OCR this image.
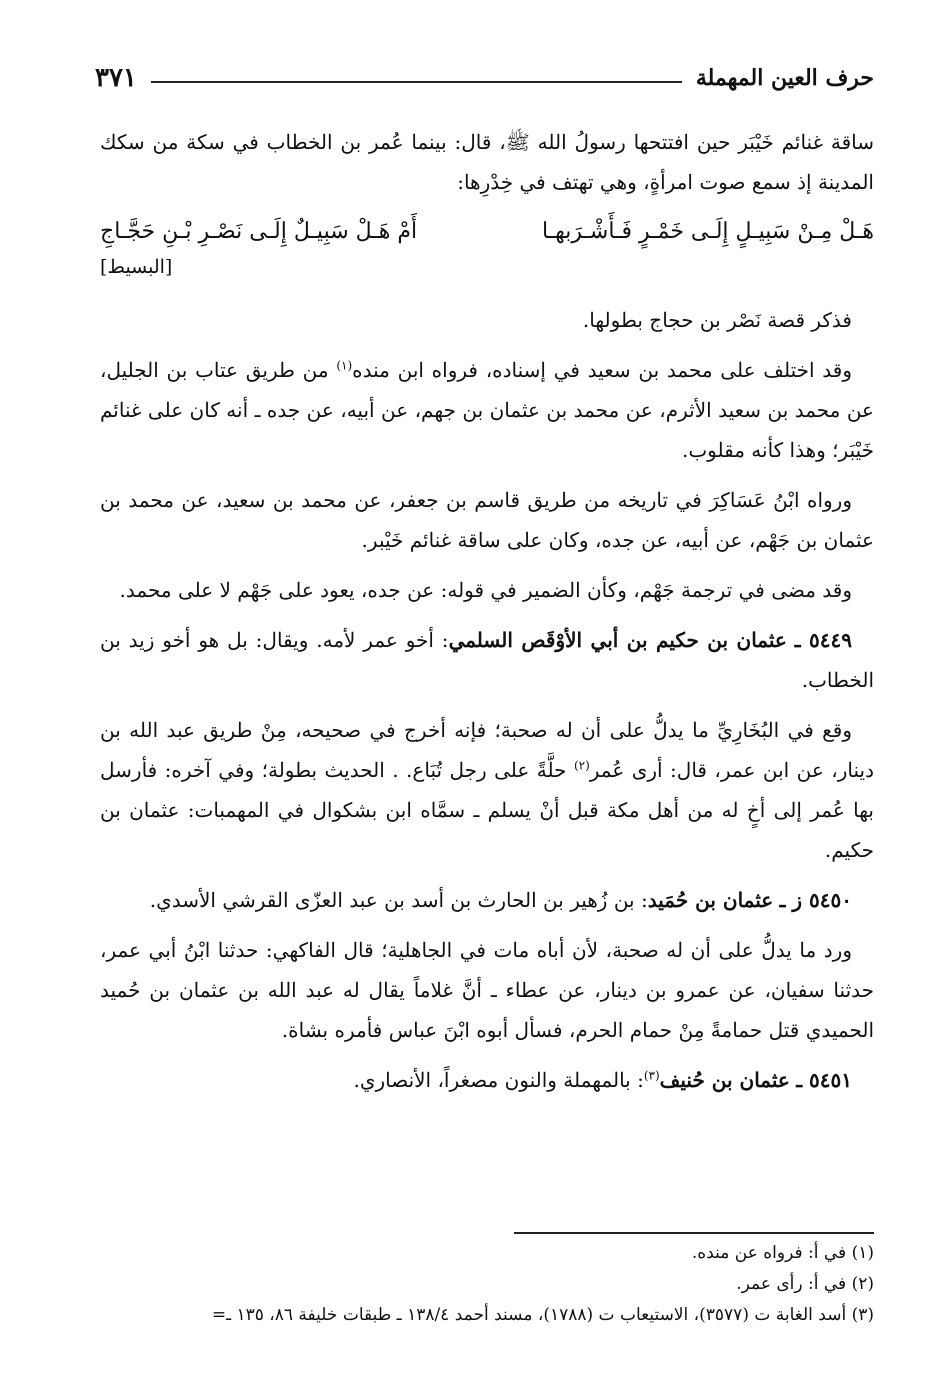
حرف العين المهملة
٣٧١

ساقة غنائم خَيْبَر حين افتتحها رسولُ الله ﷺ، قال: بينما عُمر بن الخطاب في سكة من سكك المدينة إذ سمع صوت امرأةٍ، وهي تهتف في خِدْرِها:

هَـلْ مِـنْ سَبِيـلٍ إِلَـى خَمْـرٍ فَـأَشْـرَبهـا
أَمْ هَـلْ سَبِيـلٌ إِلَـى نَصْـرِ بْـنِ حَجَّـاجِ
[البسيط]

فذكر قصة نَصْر بن حجاج بطولها.

وقد اختلف على محمد بن سعيد في إسناده، فرواه ابن منده$^{(١)}$ من طريق عتاب بن الجليل، عن محمد بن سعيد الأثرم، عن محمد بن عثمان بن جهم، عن أبيه، عن جده ـ أنه كان على غنائم خَيْبَر؛ وهذا كأنه مقلوب.

ورواه ابْنُ عَسَاكِرَ في تاريخه من طريق قاسم بن جعفر، عن محمد بن سعيد، عن محمد بن عثمان بن جَهْم، عن أبيه، عن جده، وكان على ساقة غنائم خَيْبر.

وقد مضى في ترجمة جَهْم، وكأن الضمير في قوله: عن جده، يعود على جَهْم لا على محمد.

٥٤٤٩ ـ عثمان بن حكيم بن أبي الأوْقَص السلمي: أخو عمر لأمه. ويقال: بل هو أخو زيد بن الخطاب.

وقع في البُخَارِيِّ ما يدلُّ على أن له صحبة؛ فإنه أخرج في صحيحه، مِنْ طريق عبد الله بن دينار، عن ابن عمر، قال: أرى عُمر$^{(٢)}$ حلَّةً على رجل تُبَاع. . الحديث بطولة؛ وفي آخره: فأرسل بها عُمر إلى أخٍ له من أهل مكة قبل أنْ يسلم ـ سمَّاه ابن بشكوال في المهمبات: عثمان بن حكيم.

٥٤٥٠ ز ـ عثمان بن حُمَيد: بن زُهير بن الحارث بن أسد بن عبد العزّى القرشي الأسدي.

ورد ما يدلُّ على أن له صحبة، لأن أباه مات في الجاهلية؛ قال الفاكهي: حدثنا ابْنُ أبي عمر، حدثنا سفيان، عن عمرو بن دينار، عن عطاء ـ أنَّ غلاماً يقال له عبد الله بن عثمان بن حُميد الحميدي قتل حمامةً مِنْ حمام الحرم، فسأل أبوه ابْنَ عباس فأمره بشاة.

٥٤٥١ ـ عثمان بن حُنيف$^{(٣)}$: بالمهملة والنون مصغراً، الأنصاري.

(١) في أ: فرواه عن منده.
(٢) في أ: رأى عمر.
(٣) أسد الغابة ت (٣٥٧٧)، الاستيعاب ت (١٧٨٨)، مسند أحمد ١٣٨/٤ ـ طبقات خليفة ٨٦، ١٣٥ ـ=
